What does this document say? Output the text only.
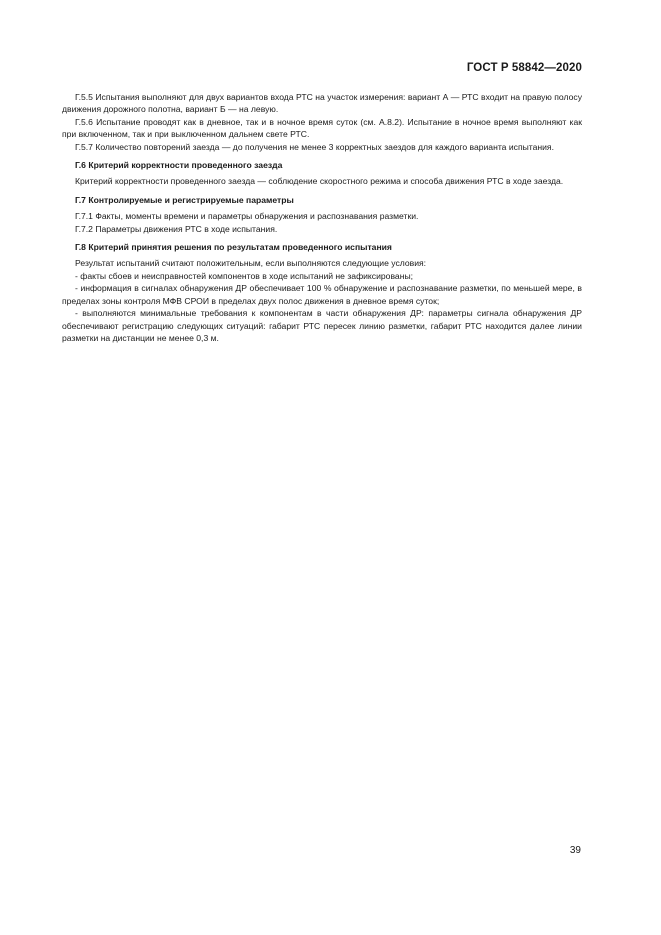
ГОСТ Р 58842—2020

Г.5.5 Испытания выполняют для двух вариантов входа РТС на участок измерения: вариант А — РТС входит на правую полосу движения дорожного полотна, вариант Б — на левую.

Г.5.6 Испытание проводят как в дневное, так и в ночное время суток (см. А.8.2). Испытание в ночное время выполняют как при включенном, так и при выключенном дальнем свете РТС.

Г.5.7 Количество повторений заезда — до получения не менее 3 корректных заездов для каждого варианта испытания.

Г.6 Критерий корректности проведенного заезда

Критерий корректности проведенного заезда — соблюдение скоростного режима и способа движения РТС в ходе заезда.

Г.7 Контролируемые и регистрируемые параметры

Г.7.1 Факты, моменты времени и параметры обнаружения и распознавания разметки.

Г.7.2 Параметры движения РТС в ходе испытания.

Г.8 Критерий принятия решения по результатам проведенного испытания

Результат испытаний считают положительным, если выполняются следующие условия:

- факты сбоев и неисправностей компонентов в ходе испытаний не зафиксированы;

- информация в сигналах обнаружения ДР обеспечивает 100 % обнаружение и распознавание разметки, по меньшей мере, в пределах зоны контроля МФВ СРОИ в пределах двух полос движения в дневное время суток;

- выполняются минимальные требования к компонентам в части обнаружения ДР: параметры сигнала обнаружения ДР обеспечивают регистрацию следующих ситуаций: габарит РТС пересек линию разметки, габарит РТС находится далее линии разметки на дистанции не менее 0,3 м.

39
